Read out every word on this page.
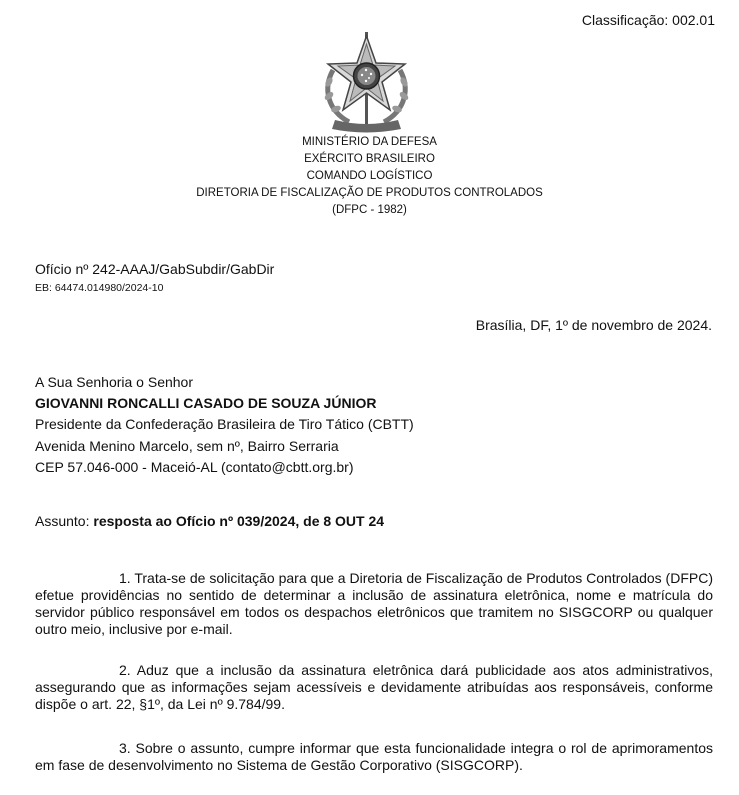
Classificação: 002.01
MINISTÉRIO DA DEFESA
EXÉRCITO BRASILEIRO
COMANDO LOGÍSTICO
DIRETORIA DE FISCALIZAÇÃO DE PRODUTOS CONTROLADOS
(DFPC - 1982)
Ofício nº 242-AAAJ/GabSubdir/GabDir
EB: 64474.014980/2024-10
Brasília, DF, 1º de novembro de 2024.
A Sua Senhoria o Senhor
GIOVANNI RONCALLI CASADO DE SOUZA JÚNIOR
Presidente da Confederação Brasileira de Tiro Tático (CBTT)
Avenida Menino Marcelo, sem nº, Bairro Serraria
CEP 57.046-000 - Maceió-AL (contato@cbtt.org.br)
Assunto: resposta ao Ofício nº 039/2024, de 8 OUT 24
1. Trata-se de solicitação para que a Diretoria de Fiscalização de Produtos Controlados (DFPC) efetue providências no sentido de determinar a inclusão de assinatura eletrônica, nome e matrícula do servidor público responsável em todos os despachos eletrônicos que tramitem no SISGCORP ou qualquer outro meio, inclusive por e-mail.
2. Aduz que a inclusão da assinatura eletrônica dará publicidade aos atos administrativos, assegurando que as informações sejam acessíveis e devidamente atribuídas aos responsáveis, conforme dispõe o art. 22, §1º, da Lei nº 9.784/99.
3. Sobre o assunto, cumpre informar que esta funcionalidade integra o rol de aprimoramentos em fase de desenvolvimento no Sistema de Gestão Corporativo (SISGCORP).
